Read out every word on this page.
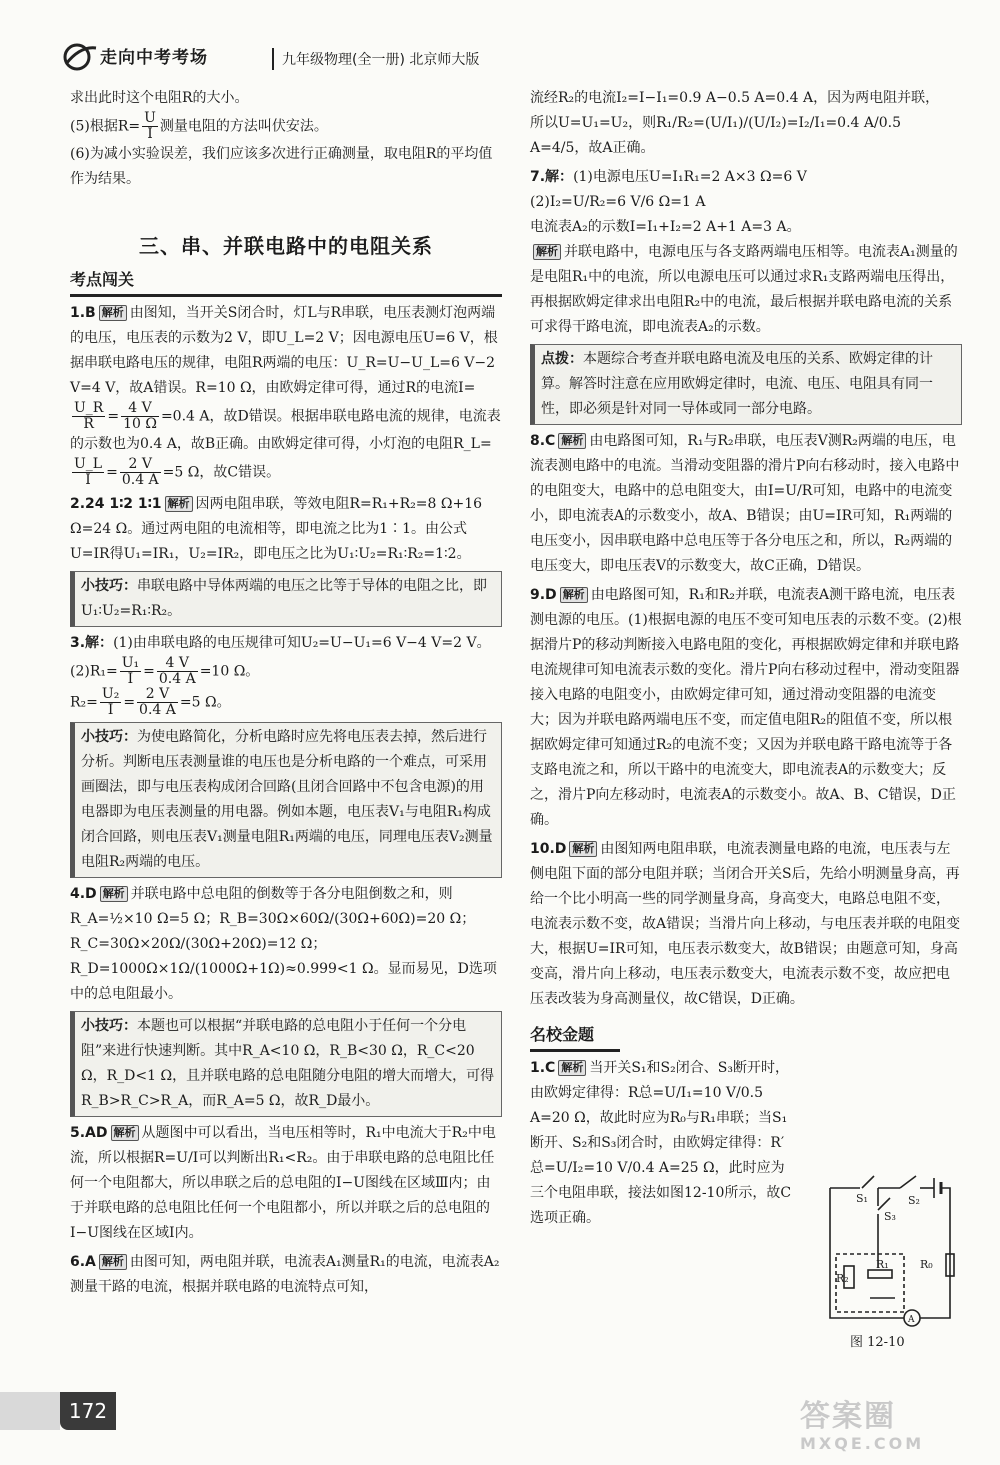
走向中考考场	九年级物理(全一册) 北京师大版

求出此时这个电阻R的大小。

(5)根据$R= \frac{U}{I}$ 测量电阻的方法叫伏安法。

(6)为减小实验误差，我们应该多次进行正确测量，取电阻R的平均值作为结果。

三、串、并联电路中的电阻关系
考点闯关

1.B 解析 由图知，当开关S闭合时，灯L与R串联，电压表测灯泡两端的电压，电压表的示数为2 V，即U_L=2 V；因电源电压U=6 V，根据串联电路电压的规律，电阻R两端的电压：U_R=U−U_L=6 V−2 V=4 V，故A错误。R=10 Ω，由欧姆定律可得，通过R的电流I=
$\frac{U\_R}{R} = \frac{4 V}{10 \Omega} =0.4$ A，故D错误。根据串联电路电流的规律，电流表的示数也为0.4 A，故B正确。由欧姆定律可得，小灯泡的电阻R_L=
$\frac{U\_L}{I} = \frac{2 V}{0.4 A} =5$ Ω，故C错误。

2.24 1∶2 1∶1 解析 因两电阻串联，等效电阻R=R₁+R₂=8 Ω+16 Ω=24 Ω。通过两电阻的电流相等，即电流之比为1∶1。由公式U=IR得U₁=IR₁，U₂=IR₂，即电压之比为U₁∶U₂=R₁∶R₂=1∶2。

小技巧：串联电路中导体两端的电压之比等于导体的电阻之比，即U₁∶U₂=R₁∶R₂。

3.解：(1)由串联电路的电压规律可知U₂=U−U₁=6 V−4 V=2 V。

$(2)R_1= \frac{\text{U₁}}{I} = \frac{4 V}{0.4 A} =10$ Ω。

$R_2= \frac{\text{U₂}}{I} = \frac{2 V}{0.4 A} =5$ Ω。

小技巧：为使电路简化，分析电路时应先将电压表去掉，然后进行分析。判断电压表测量谁的电压也是分析电路的一个难点，可采用画圈法，即与电压表构成闭合回路(且闭合回路中不包含电源)的用电器即为电压表测量的用电器。例如本题，电压表V₁与电阻R₁构成闭合回路，则电压表V₁测量电阻R₁两端的电压，同理电压表V₂测量电阻R₂两端的电压。

4.D 解析 并联电路中总电阻的倒数等于各分电阻倒数之和，则R_A=½×10 Ω=5 Ω；R_B=30Ω×60Ω/(30Ω+60Ω)=20 Ω；R_C=30Ω×20Ω/(30Ω+20Ω)=12 Ω；R_D=1000Ω×1Ω/(1000Ω+1Ω)≈0.999<1 Ω。显而易见，D选项中的总电阻最小。

小技巧：本题也可以根据“并联电路的总电阻小于任何一个分电阻”来进行快速判断。其中R_A<10 Ω，R_B<30 Ω，R_C<20 Ω，R_D<1 Ω，且并联电路的总电阻随分电阻的增大而增大，可得R_B>R_C>R_A，而R_A=5 Ω，故R_D最小。

5.AD 解析 从题图中可以看出，当电压相等时，R₁中电流大于R₂中电流，所以根据R=U/I可以判断出R₁<R₂。由于串联电路的总电阻比任何一个电阻都大，所以串联之后的总电阻的I−U图线在区域Ⅲ内；由于并联电路的总电阻比任何一个电阻都小，所以并联之后的总电阻的I−U图线在区域Ⅰ内。

6.A 解析 由图可知，两电阻并联，电流表A₁测量R₁的电流，电流表A₂测量干路的电流，根据并联电路的电流特点可知，

流经R₂的电流I₂=I−I₁=0.9 A−0.5 A=0.4 A，因为两电阻并联，

所以U=U₁=U₂，则R₁/R₂=(U/I₁)/(U/I₂)=I₂/I₁=0.4 A/0.5 A=4/5，故A正确。

7.解：(1)电源电压U=I₁R₁=2 A×3 Ω=6 V

(2)I₂=U/R₂=6 V/6 Ω=1 A

电流表A₂的示数I=I₁+I₂=2 A+1 A=3 A。

解析 并联电路中，电源电压与各支路两端电压相等。电流表A₁测量的是电阻R₁中的电流，所以电源电压可以通过求R₁支路两端电压得出，再根据欧姆定律求出电阻R₂中的电流，最后根据并联电路电流的关系可求得干路电流，即电流表A₂的示数。

点拨：本题综合考查并联电路电流及电压的关系、欧姆定律的计算。解答时注意在应用欧姆定律时，电流、电压、电阻具有同一性，即必须是针对同一导体或同一部分电路。

8.C 解析 由电路图可知，R₁与R₂串联，电压表V测R₂两端的电压，电流表测电路中的电流。当滑动变阻器的滑片P向右移动时，接入电路中的电阻变大，电路中的总电阻变大，由I=U/R可知，电路中的电流变小，即电流表A的示数变小，故A、B错误；由U=IR可知，R₁两端的电压变小，因串联电路中总电压等于各分电压之和，所以，R₂两端的电压变大，即电压表V的示数变大，故C正确，D错误。

9.D 解析 由电路图可知，R₁和R₂并联，电流表A测干路电流，电压表测电源的电压。(1)根据电源的电压不变可知电压表的示数不变。(2)根据滑片P的移动判断接入电路电阻的变化，再根据欧姆定律和并联电路电流规律可知电流表示数的变化。滑片P向右移动过程中，滑动变阻器接入电路的电阻变小，由欧姆定律可知，通过滑动变阻器的电流变大；因为并联电路两端电压不变，而定值电阻R₂的阻值不变，所以根据欧姆定律可知通过R₂的电流不变；又因为并联电路干路电流等于各支路电流之和，所以干路中的电流变大，即电流表A的示数变大；反之，滑片P向左移动时，电流表A的示数变小。故A、B、C错误，D正确。

10.D 解析 由图知两电阻串联，电流表测量电路的电流，电压表与左侧电阻下面的部分电阻并联；当闭合开关S后，先给小明测量身高，再给一个比小明高一些的同学测量身高，身高变大，电路总电阻不变，电流表示数不变，故A错误；当滑片向上移动，与电压表并联的电阻变大，根据U=IR可知，电压表示数变大，故B错误；由题意可知，身高变高，滑片向上移动，电压表示数变大，电流表示数不变，故应把电压表改装为身高测量仪，故C错误，D正确。

名校金题

1.C 解析 当开关S₁和S₂闭合、S₃断开时，由欧姆定律得：R总=U/I₁=10 V/0.5 A=20 Ω，故此时应为R₀与R₁串联；当S₁断开、S₂和S₃闭合时，由欧姆定律得：R′总=U/I₂=10 V/0.4 A=25 Ω，此时应为三个电阻串联，接法如图12-10所示，故C选项正确。

S₁	S₂
S₃
R₂
R₁	R₀
A
图 12-10
172	答案圈
MXQE.COM
